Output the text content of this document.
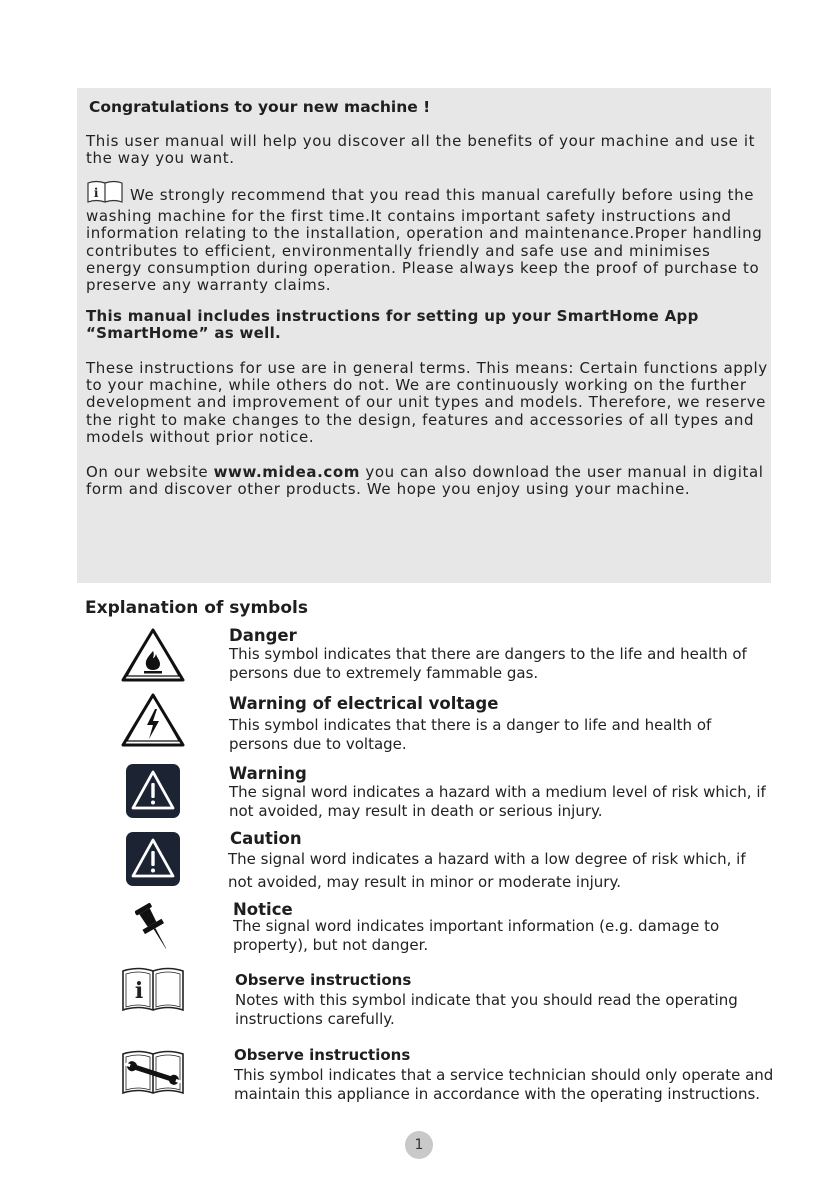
Congratulations to your new machine !
This user manual will help you discover all the benefits of your machine and use it the way you want.
i We strongly recommend that you read this manual carefully before using the washing machine for the first time.It contains important safety instructions and information relating to the installation, operation and maintenance.Proper handling contributes to efficient, environmentally friendly and safe use and minimises energy consumption during operation. Please always keep the proof of purchase to preserve any warranty claims.
This manual includes instructions for setting up your SmartHome App “SmartHome” as well.
These instructions for use are in general terms. This means: Certain functions apply to your machine, while others do not. We are continuously working on the further development and improvement of our unit types and models. Therefore, we reserve the right to make changes to the design, features and accessories of all types and models without prior notice.
On our website www.midea.com you can also download the user manual in digital form and discover other products. We hope you enjoy using your machine.
Explanation of symbols
Danger
This symbol indicates that there are dangers to the life and health of persons due to extremely fammable gas.
Warning of electrical voltage
This symbol indicates that there is a danger to life and health of persons due to voltage.
Warning
The signal word indicates a hazard with a medium level of risk which, if not avoided, may result in death or serious injury.
Caution
The signal word indicates a hazard with a low degree of risk which, if not avoided, may result in minor or moderate injury.
Notice
The signal word indicates important information (e.g. damage to property), but not danger.
i	Observe instructions
Notes with this symbol indicate that you should read the operating instructions carefully.
Observe instructions
This symbol indicates that a service technician should only operate and maintain this appliance in accordance with the operating instructions.
1
